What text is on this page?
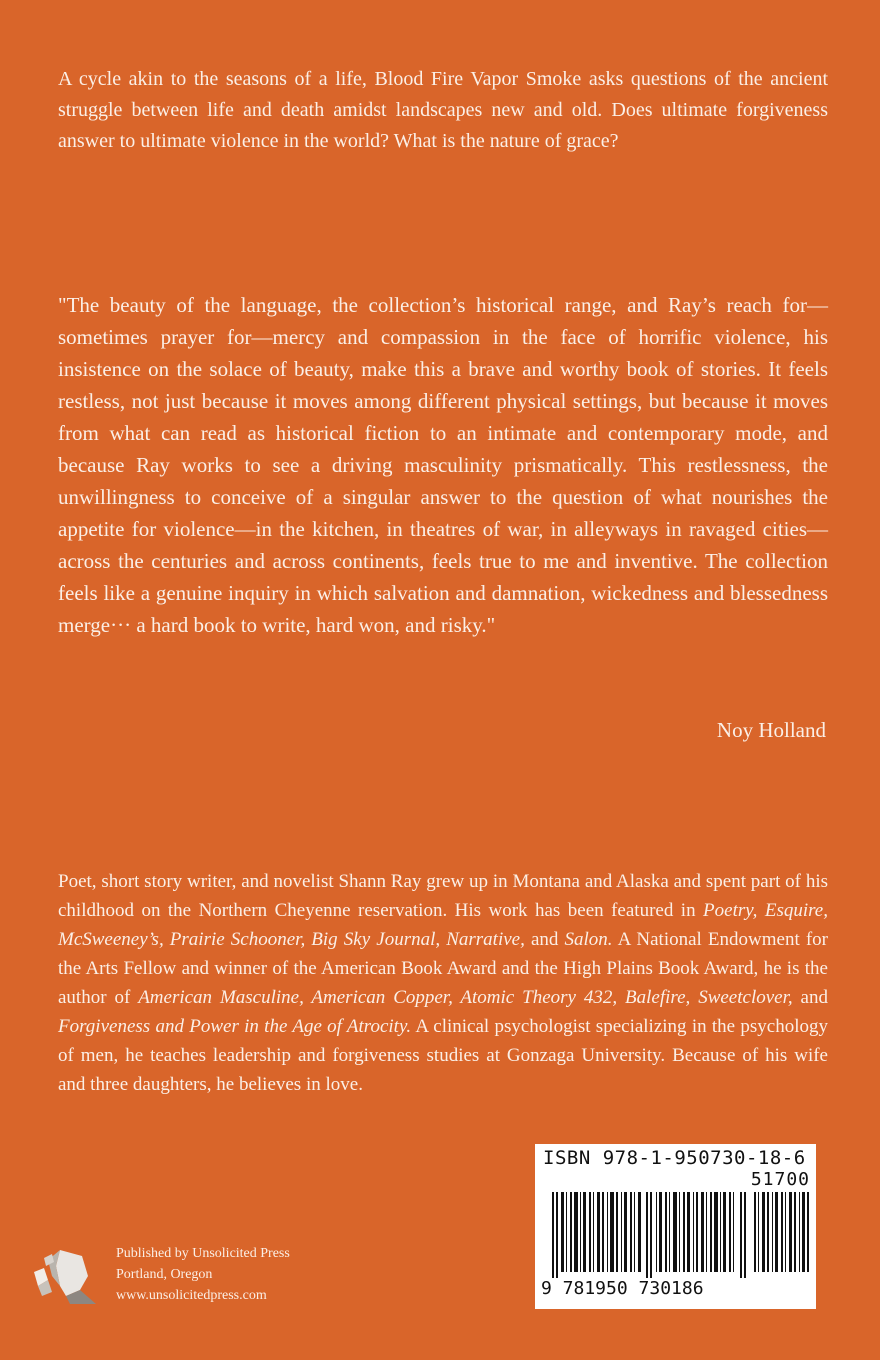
A cycle akin to the seasons of a life, Blood Fire Vapor Smoke asks questions of the ancient struggle between life and death amidst landscapes new and old. Does ultimate forgiveness answer to ultimate violence in the world? What is the nature of grace?

"The beauty of the language, the collection’s historical range, and Ray’s reach for—sometimes prayer for—mercy and compassion in the face of horrific violence, his insistence on the solace of beauty, make this a brave and worthy book of stories. It feels restless, not just because it moves among different physical settings, but because it moves from what can read as historical fiction to an intimate and contemporary mode, and because Ray works to see a driving masculinity prismatically. This restlessness, the unwillingness to conceive of a singular answer to the question of what nourishes the appetite for violence—in the kitchen, in theatres of war, in alleyways in ravaged cities—across the centuries and across continents, feels true to me and inventive. The collection feels like a genuine inquiry in which salvation and damnation, wickedness and blessedness merge··· a hard book to write, hard won, and risky."

Noy Holland

Poet, short story writer, and novelist Shann Ray grew up in Montana and Alaska and spent part of his childhood on the Northern Cheyenne reservation. His work has been featured in Poetry, Esquire, McSweeney’s, Prairie Schooner, Big Sky Journal, Narrative, and Salon. A National Endowment for the Arts Fellow and winner of the American Book Award and the High Plains Book Award, he is the author of American Masculine, American Copper, Atomic Theory 432, Balefire, Sweetclover, and Forgiveness and Power in the Age of Atrocity. A clinical psychologist specializing in the psychology of men, he teaches leadership and forgiveness studies at Gonzaga University. Because of his wife and three daughters, he believes in love.

Published by Unsolicited Press
Portland, Oregon
www.unsolicitedpress.com
ISBN 978-1-950730-18-6
51700
9 781950 730186
